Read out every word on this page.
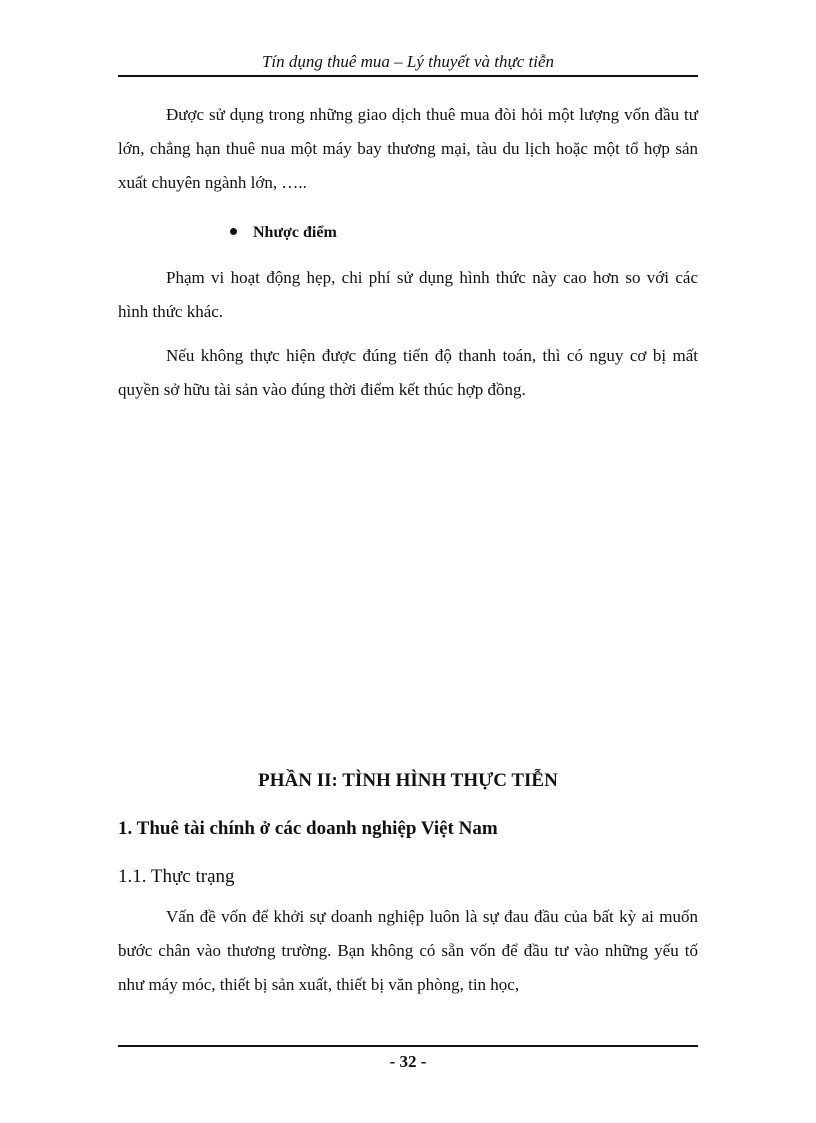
Tín dụng thuê mua – Lý thuyết và thực tiễn
Được sử dụng trong những giao dịch thuê mua đòi hỏi một lượng vốn đầu tư lớn, chẳng hạn thuê nua một máy bay thương mại, tàu du lịch hoặc một tổ hợp sản xuất chuyên ngành lớn, …..
Nhược điểm
Phạm vi hoạt động hẹp, chi phí sử dụng hình thức này cao hơn so với các hình thức khác.
Nếu không thực hiện được đúng tiến độ thanh toán, thì có nguy cơ bị mất quyền sở hữu tài sản vào đúng thời điểm kết thúc hợp đồng.
PHẦN II: TÌNH HÌNH THỰC TIỄN
1. Thuê tài chính ở các doanh nghiệp Việt Nam
1.1. Thực trạng
Vấn đề vốn để khởi sự doanh nghiệp luôn là sự đau đầu của bất kỳ ai muốn bước chân vào thương trường. Bạn không có sẵn vốn để đầu tư vào những yếu tố như máy móc, thiết bị sản xuất, thiết bị văn phòng, tin học,
- 32 -
